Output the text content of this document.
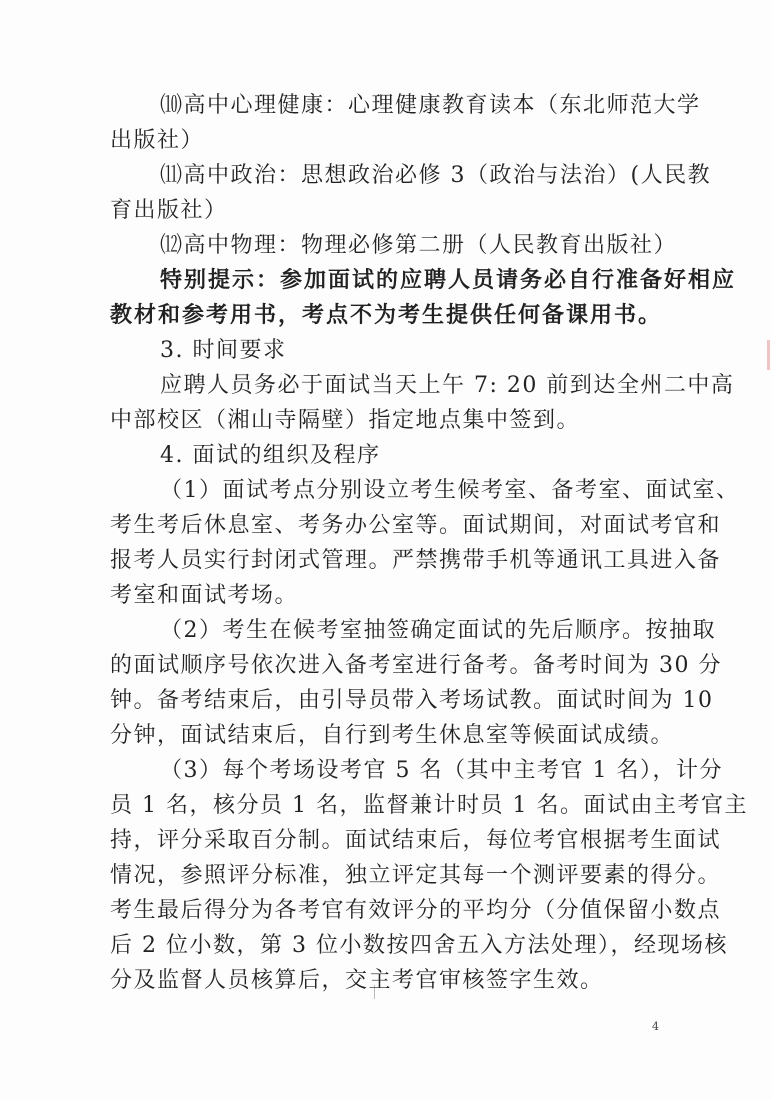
⑽高中心理健康：心理健康教育读本（东北师范大学
出版社）
⑾高中政治：思想政治必修 3（政治与法治）(人民教
育出版社）
⑿高中物理：物理必修第二册（人民教育出版社）
特别提示：参加面试的应聘人员请务必自行准备好相应
教材和参考用书，考点不为考生提供任何备课用书。
3. 时间要求
应聘人员务必于面试当天上午 7: 20 前到达全州二中高
中部校区（湘山寺隔壁）指定地点集中签到。
4. 面试的组织及程序
（1）面试考点分别设立考生候考室、备考室、面试室、
考生考后休息室、考务办公室等。面试期间，对面试考官和
报考人员实行封闭式管理。严禁携带手机等通讯工具进入备
考室和面试考场。
（2）考生在候考室抽签确定面试的先后顺序。按抽取
的面试顺序号依次进入备考室进行备考。备考时间为 30 分
钟。备考结束后，由引导员带入考场试教。面试时间为 10
分钟，面试结束后，自行到考生休息室等候面试成绩。
（3）每个考场设考官 5 名（其中主考官 1 名），计分
员 1 名，核分员 1 名，监督兼计时员 1 名。面试由主考官主
持，评分采取百分制。面试结束后，每位考官根据考生面试
情况，参照评分标准，独立评定其每一个测评要素的得分。
考生最后得分为各考官有效评分的平均分（分值保留小数点
后 2 位小数，第 3 位小数按四舍五入方法处理），经现场核
分及监督人员核算后，交主考官审核签字生效。
4
